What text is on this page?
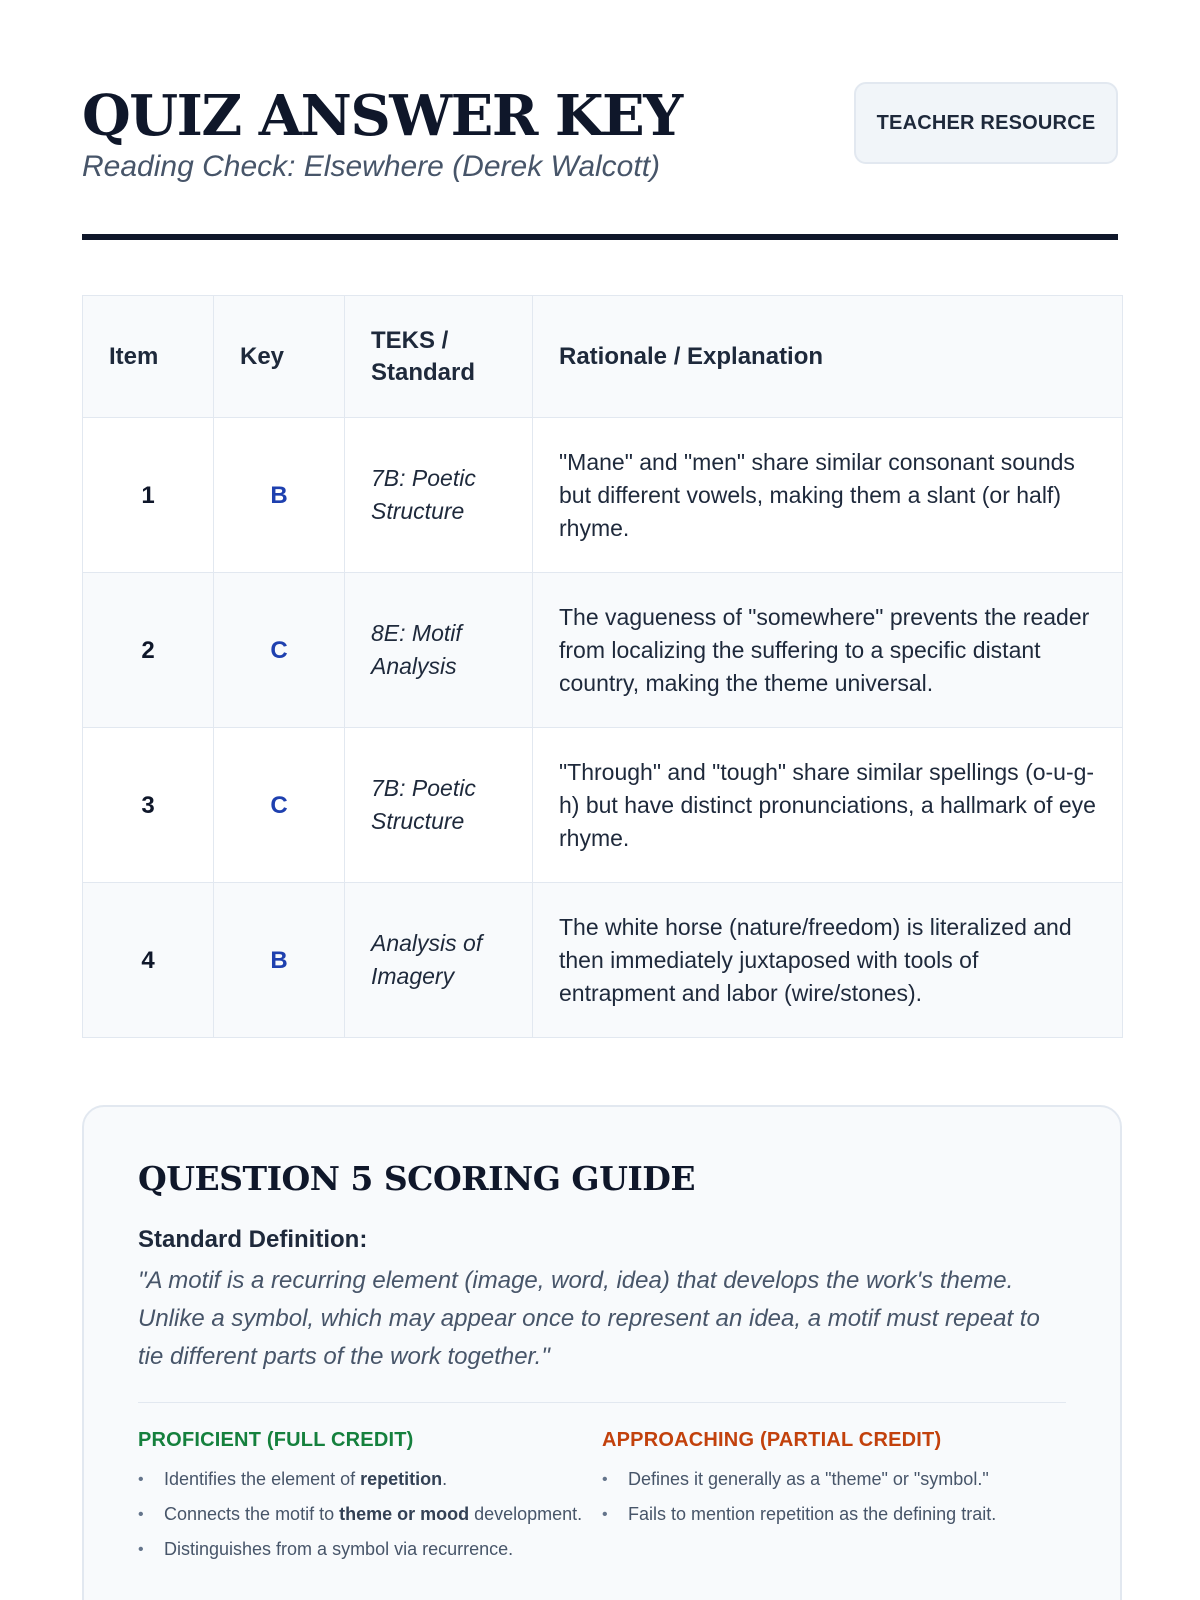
QUIZ ANSWER KEY
Reading Check: Elsewhere (Derek Walcott)
TEACHER RESOURCE
Item	Key	TEKS / Standard	Rationale / Explanation
1	B	7B: Poetic Structure	"Mane" and "men" share similar consonant sounds but different vowels, making them a slant (or half) rhyme.
2	C	8E: Motif Analysis	The vagueness of "somewhere" prevents the reader from localizing the suffering to a specific distant country, making the theme universal.
3	C	7B: Poetic Structure	"Through" and "tough" share similar spellings (o-u-g-h) but have distinct pronunciations, a hallmark of eye rhyme.
4	B	Analysis of Imagery	The white horse (nature/freedom) is literalized and then immediately juxtaposed with tools of entrapment and labor (wire/stones).
QUESTION 5 SCORING GUIDE
Standard Definition:
"A motif is a recurring element (image, word, idea) that develops the work's theme. Unlike a symbol, which may appear once to represent an idea, a motif must repeat to tie different parts of the work together."
PROFICIENT (FULL CREDIT)
• Identifies the element of repetition.
• Connects the motif to theme or mood development.
• Distinguishes from a symbol via recurrence.
APPROACHING (PARTIAL CREDIT)
• Defines it generally as a "theme" or "symbol."
• Fails to mention repetition as the defining trait.
